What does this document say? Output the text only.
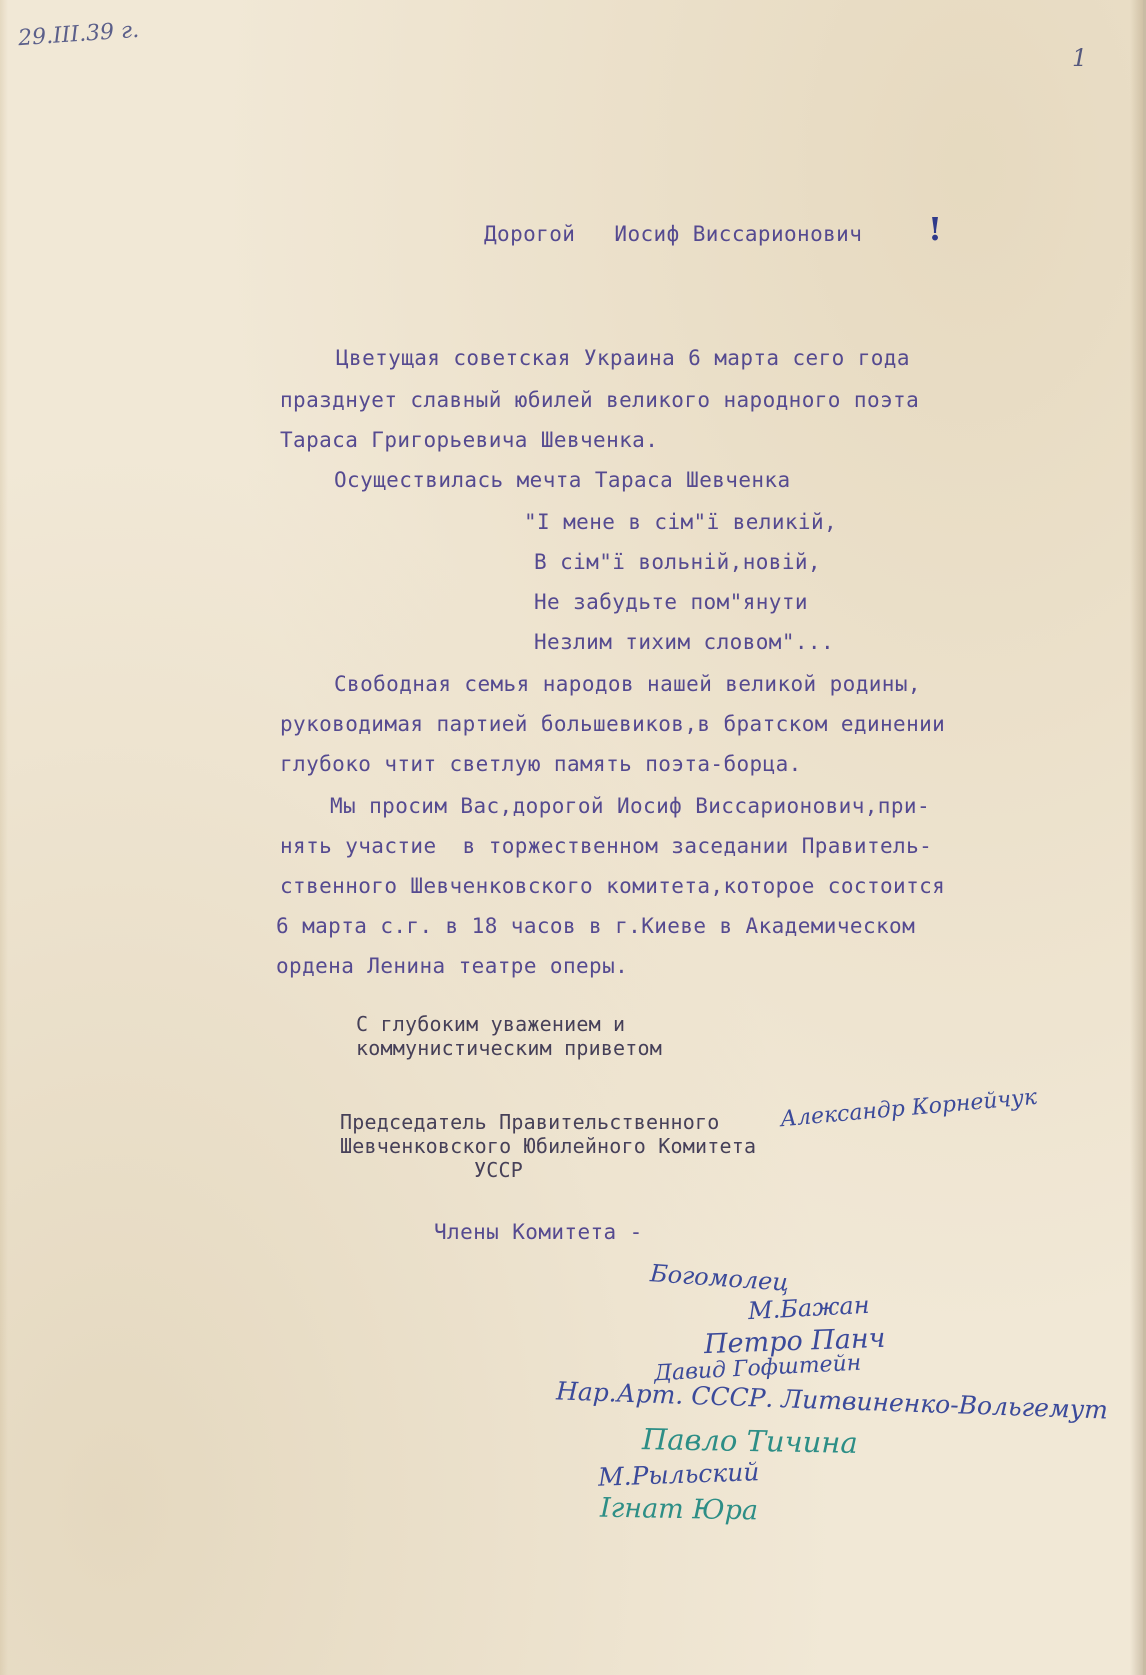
29.III.39 г.
1
Дорогой   Иосиф Виссарионович !
Цветущая советская Украина 6 марта сего года
празднует славный юбилей великого народного поэта
Тараса Григорьевича Шевченка.
Осуществилась мечта Тараса Шевченка
"І мене в сім"ї великій,
В сім"ї вольній,новій,
Не забудьте пом"янути
Незлим тихим словом"...
Свободная семья народов нашей великой родины,
руководимая партией большевиков,в братском единении
глубоко чтит светлую память поэта-борца.
Мы просим Вас,дорогой Иосиф Виссарионович,при-
нять участие  в торжественном заседании Правитель-
ственного Шевченковского комитета,которое состоится
6 марта с.г. в 18 часов в г.Киеве в Академическом
ордена Ленина театре оперы.
С глубоким уважением и
коммунистическим приветом
Председатель Правительственного
Шевченковского Юбилейного Комитета
УССР
Александр Корнейчук
Члены Комитета -
Богомолец
М.Бажан
Петро Панч
Давид Гофштейн
Нар.Арт. СССР. Литвиненко-Вольгемут
Павло Тичина
М.Рыльский
Ігнат Юра
